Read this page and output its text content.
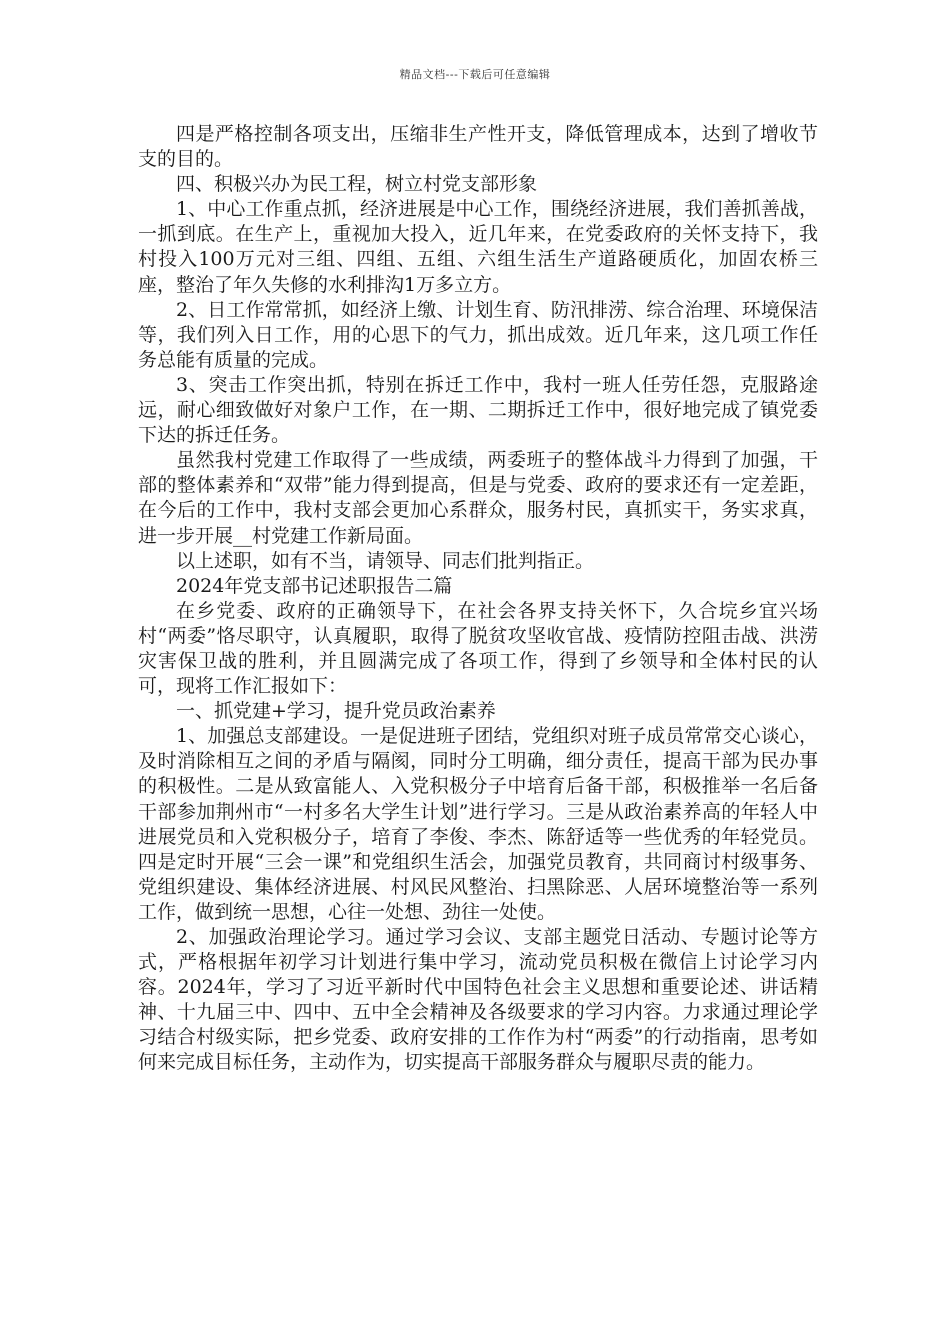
精品文档---下载后可任意编辑

四是严格控制各项支出，压缩非生产性开支，降低管理成本，达到了增收节支的目的。

四、积极兴办为民工程，树立村党支部形象

1、中心工作重点抓，经济进展是中心工作，围绕经济进展，我们善抓善战，一抓到底。在生产上，重视加大投入，近几年来，在党委政府的关怀支持下，我村投入100万元对三组、四组、五组、六组生活生产道路硬质化，加固农桥三座，整治了年久失修的水利排沟1万多立方。

2、日工作常常抓，如经济上缴、计划生育、防汛排涝、综合治理、环境保洁等，我们列入日工作，用的心思下的气力，抓出成效。近几年来，这几项工作任务总能有质量的完成。

3、突击工作突出抓，特别在拆迁工作中，我村一班人任劳任怨，克服路途远，耐心细致做好对象户工作，在一期、二期拆迁工作中，很好地完成了镇党委下达的拆迁任务。

虽然我村党建工作取得了一些成绩，两委班子的整体战斗力得到了加强，干部的整体素养和“双带”能力得到提高，但是与党委、政府的要求还有一定差距，在今后的工作中，我村支部会更加心系群众，服务村民，真抓实干，务实求真，进一步开展__村党建工作新局面。

以上述职，如有不当，请领导、同志们批判指正。

2024年党支部书记述职报告二篇

在乡党委、政府的正确领导下，在社会各界支持关怀下，久合垸乡宜兴场村“两委”恪尽职守，认真履职，取得了脱贫攻坚收官战、疫情防控阻击战、洪涝灾害保卫战的胜利，并且圆满完成了各项工作，得到了乡领导和全体村民的认可，现将工作汇报如下：

一、抓党建+学习，提升党员政治素养

1、加强总支部建设。一是促进班子团结，党组织对班子成员常常交心谈心，及时消除相互之间的矛盾与隔阂，同时分工明确，细分责任，提高干部为民办事的积极性。二是从致富能人、入党积极分子中培育后备干部，积极推举一名后备干部参加荆州市“一村多名大学生计划”进行学习。三是从政治素养高的年轻人中进展党员和入党积极分子，培育了李俊、李杰、陈舒适等一些优秀的年轻党员。四是定时开展“三会一课”和党组织生活会，加强党员教育，共同商讨村级事务、党组织建设、集体经济进展、村风民风整治、扫黑除恶、人居环境整治等一系列工作，做到统一思想，心往一处想、劲往一处使。

2、加强政治理论学习。通过学习会议、支部主题党日活动、专题讨论等方式，严格根据年初学习计划进行集中学习，流动党员积极在微信上讨论学习内容。2024年，学习了习近平新时代中国特色社会主义思想和重要论述、讲话精神、十九届三中、四中、五中全会精神及各级要求的学习内容。力求通过理论学习结合村级实际，把乡党委、政府安排的工作作为村“两委”的行动指南，思考如何来完成目标任务，主动作为，切实提高干部服务群众与履职尽责的能力。
